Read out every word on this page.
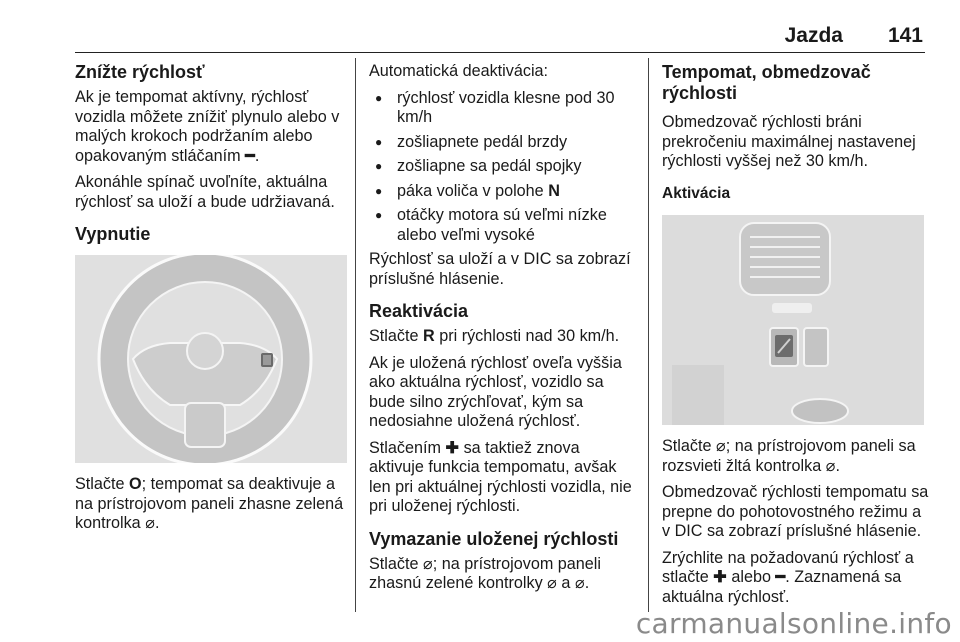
Jazda 141
Znížte rýchlosť

Ak je tempomat aktívny, rýchlosť vozidla môžete znížiť plynulo alebo v malých krokoch podržaním alebo opakovaným stláčaním ━.

Akonáhle spínač uvoľníte, aktuálna rýchlosť sa uloží a bude udržiavaná.

Vypnutie

Stlačte O; tempomat sa deaktivuje a na prístrojovom paneli zhasne zelená kontrolka ⌀.

Automatická deaktivácia:

● rýchlosť vozidla klesne pod 30 km/h
● zošliapnete pedál brzdy
● zošliapne sa pedál spojky
● páka voliča v polohe N
● otáčky motora sú veľmi nízke alebo veľmi vysoké

Rýchlosť sa uloží a v DIC sa zobrazí príslušné hlásenie.

Reaktivácia

Stlačte R pri rýchlosti nad 30 km/h.

Ak je uložená rýchlosť oveľa vyššia ako aktuálna rýchlosť, vozidlo sa bude silno zrýchľovať, kým sa nedosiahne uložená rýchlosť.

Stlačením ✚ sa taktiež znova aktivuje funkcia tempomatu, avšak len pri aktuálnej rýchlosti vozidla, nie pri uloženej rýchlosti.

Vymazanie uloženej rýchlosti

Stlačte ⌀; na prístrojovom paneli zhasnú zelené kontrolky ⌀ a ⌀.

Tempomat, obmedzovač rýchlosti

Obmedzovač rýchlosti bráni prekročeniu maximálnej nastavenej rýchlosti vyššej než 30 km/h.

Aktivácia

Stlačte ⌀; na prístrojovom paneli sa rozsvieti žltá kontrolka ⌀.

Obmedzovač rýchlosti tempomatu sa prepne do pohotovostného režimu a v DIC sa zobrazí príslušné hlásenie.

Zrýchlite na požadovanú rýchlosť a stlačte ✚ alebo ━. Zaznamená sa aktuálna rýchlosť.

carmanualsonline.info
